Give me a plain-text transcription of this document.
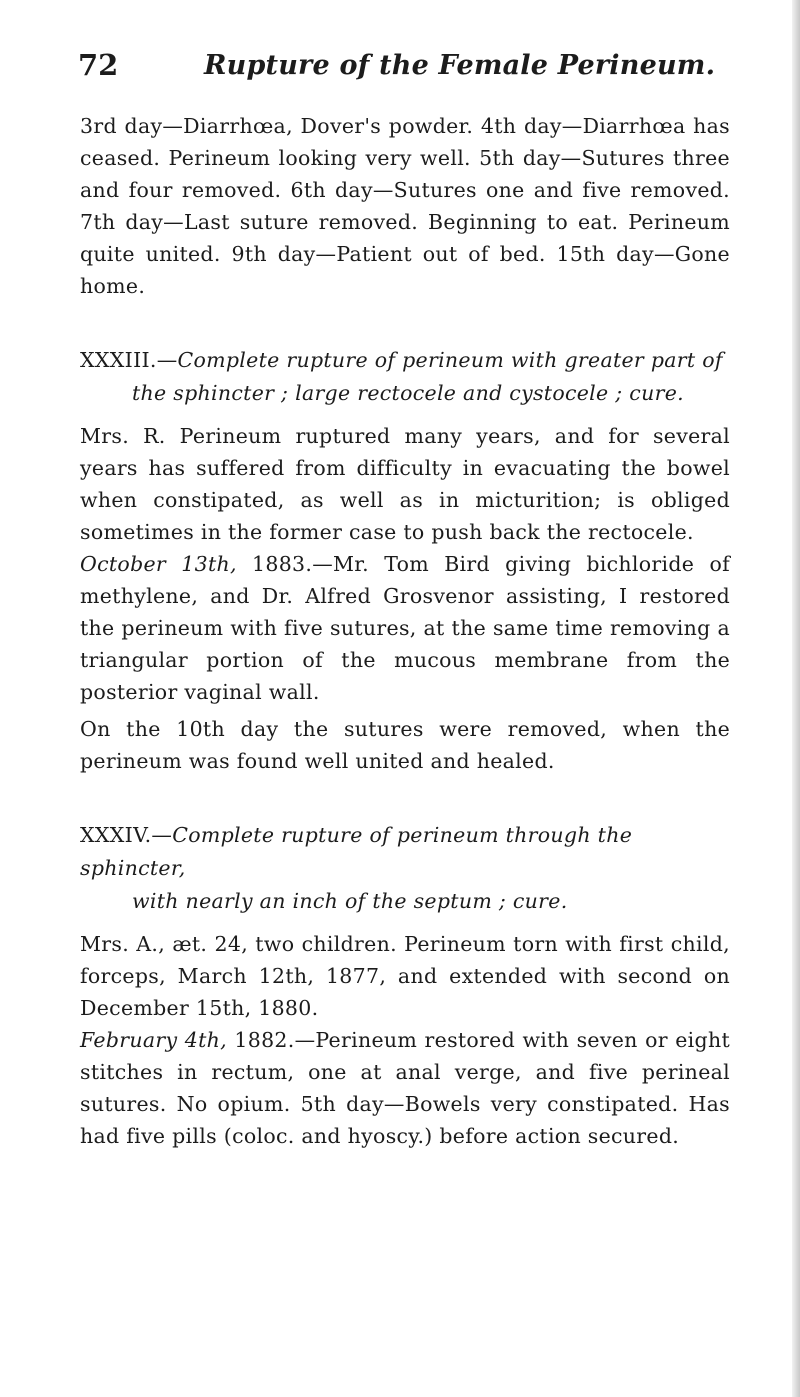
72	Rupture of the Female Perineum.

3rd day—Diarrhœa, Dover's powder. 4th day—Diarrhœa has ceased. Perineum looking very well. 5th day—Sutures three and four removed. 6th day—Sutures one and five removed. 7th day—Last suture removed. Beginning to eat. Perineum quite united. 9th day—Patient out of bed. 15th day—Gone home.

XXXIII.—Complete rupture of perineum with greater part of
the sphincter ; large rectocele and cystocele ; cure.

Mrs. R. Perineum ruptured many years, and for several years has suffered from difficulty in evacuating the bowel when constipated, as well as in micturition; is obliged sometimes in the former case to push back the rectocele.

October 13th, 1883.—Mr. Tom Bird giving bichloride of methylene, and Dr. Alfred Grosvenor assisting, I restored the perineum with five sutures, at the same time removing a triangular portion of the mucous membrane from the posterior vaginal wall.

On the 10th day the sutures were removed, when the perineum was found well united and healed.

XXXIV.—Complete rupture of perineum through the sphincter,
with nearly an inch of the septum ; cure.

Mrs. A., æt. 24, two children. Perineum torn with first child, forceps, March 12th, 1877, and extended with second on December 15th, 1880.

February 4th, 1882.—Perineum restored with seven or eight stitches in rectum, one at anal verge, and five perineal sutures. No opium. 5th day—Bowels very constipated. Has had five pills (coloc. and hyoscy.) before action secured.
